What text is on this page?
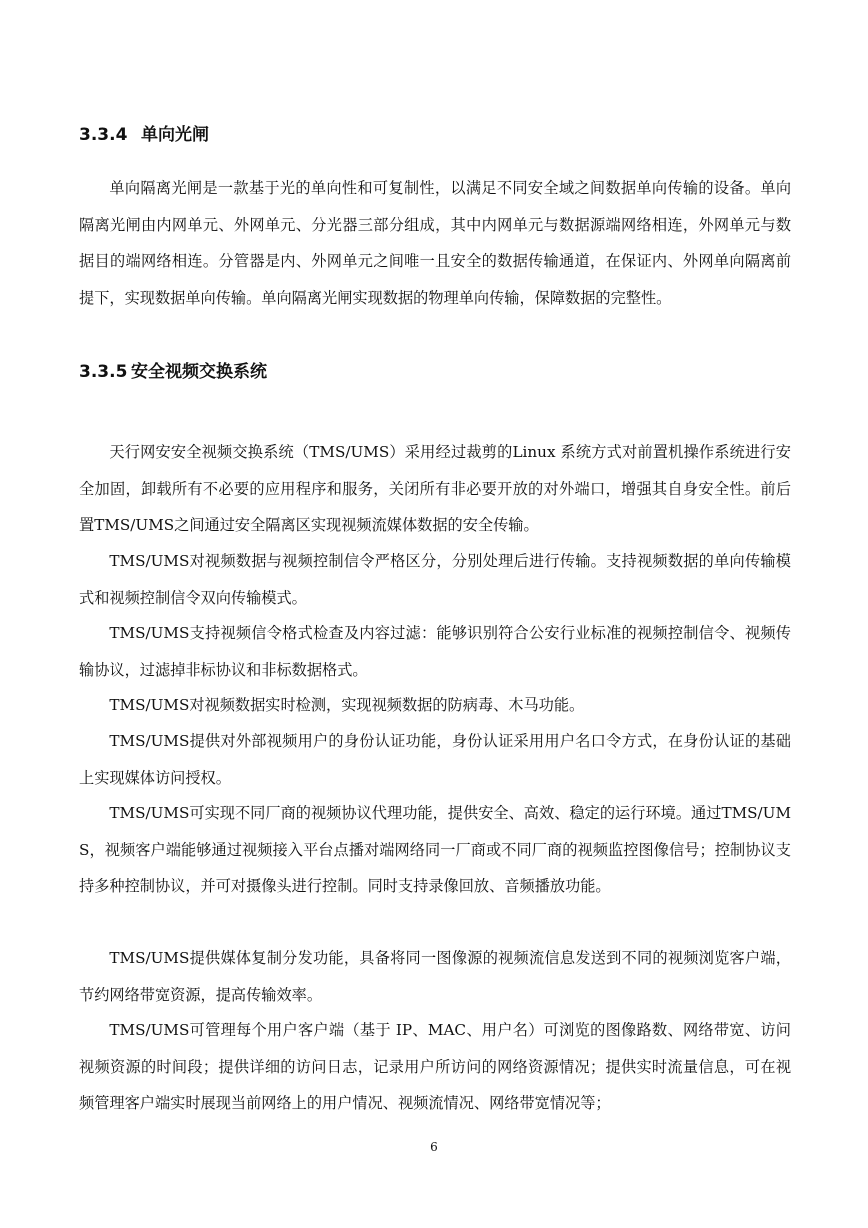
3.3.4 单向光闸

单向隔离光闸是一款基于光的单向性和可复制性，以满足不同安全域之间数据单向传输的设备。单向隔离光闸由内网单元、外网单元、分光器三部分组成，其中内网单元与数据源端网络相连，外网单元与数据目的端网络相连。分管器是内、外网单元之间唯一且安全的数据传输通道，在保证内、外网单向隔离前提下，实现数据单向传输。单向隔离光闸实现数据的物理单向传输，保障数据的完整性。

3.3.5 安全视频交换系统

天行网安安全视频交换系统（TMS/UMS）采用经过裁剪的Linux 系统方式对前置机操作系统进行安全加固，卸载所有不必要的应用程序和服务，关闭所有非必要开放的对外端口，增强其自身安全性。前后置TMS/UMS之间通过安全隔离区实现视频流媒体数据的安全传输。

TMS/UMS对视频数据与视频控制信令严格区分，分别处理后进行传输。支持视频数据的单向传输模式和视频控制信令双向传输模式。

TMS/UMS支持视频信令格式检查及内容过滤：能够识别符合公安行业标准的视频控制信令、视频传输协议，过滤掉非标协议和非标数据格式。

TMS/UMS对视频数据实时检测，实现视频数据的防病毒、木马功能。

TMS/UMS提供对外部视频用户的身份认证功能，身份认证采用用户名口令方式，在身份认证的基础上实现媒体访问授权。

TMS/UMS可实现不同厂商的视频协议代理功能，提供安全、高效、稳定的运行环境。通过TMS/UMS，视频客户端能够通过视频接入平台点播对端网络同一厂商或不同厂商的视频监控图像信号；控制协议支持多种控制协议，并可对摄像头进行控制。同时支持录像回放、音频播放功能。

TMS/UMS提供媒体复制分发功能，具备将同一图像源的视频流信息发送到不同的视频浏览客户端，节约网络带宽资源，提高传输效率。

TMS/UMS可管理每个用户客户端（基于 IP、MAC、用户名）可浏览的图像路数、网络带宽、访问视频资源的时间段；提供详细的访问日志，记录用户所访问的网络资源情况；提供实时流量信息，可在视频管理客户端实时展现当前网络上的用户情况、视频流情况、网络带宽情况等；

6
